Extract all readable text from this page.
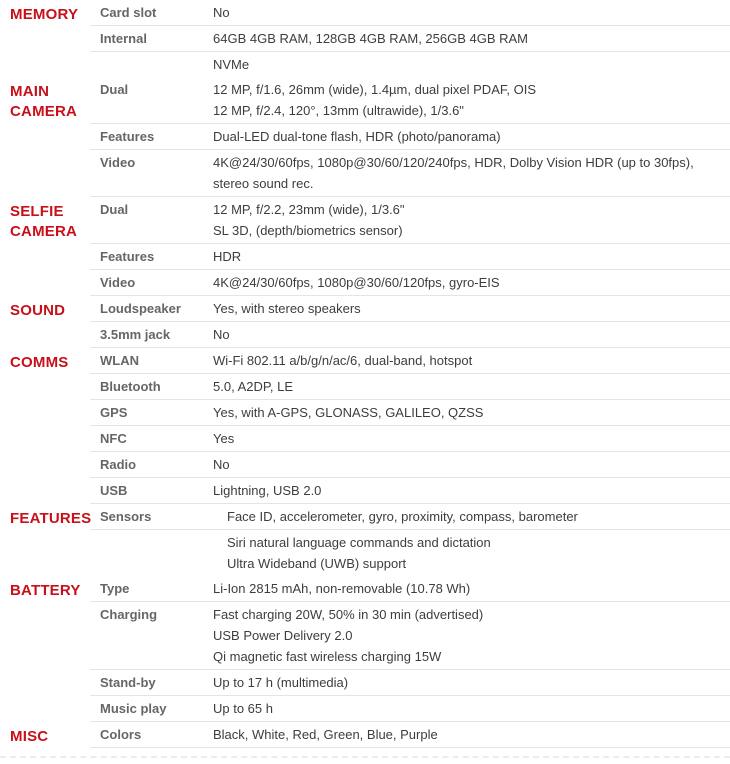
MEMORY	Card slot	No
Internal	64GB 4GB RAM, 128GB 4GB RAM, 256GB 4GB RAM
NVMe
MAIN CAMERA
Dual	12 MP, f/1.6, 26mm (wide), 1.4µm, dual pixel PDAF, OIS
12 MP, f/2.4, 120°, 13mm (ultrawide), 1/3.6"
Features	Dual-LED dual-tone flash, HDR (photo/panorama)
Video	4K@24/30/60fps, 1080p@30/60/120/240fps, HDR, Dolby Vision HDR (up to 30fps), stereo sound rec.
SELFIE CAMERA
Dual	12 MP, f/2.2, 23mm (wide), 1/3.6"
SL 3D, (depth/biometrics sensor)
Features	HDR
Video	4K@24/30/60fps, 1080p@30/60/120fps, gyro-EIS
SOUND	Loudspeaker	Yes, with stereo speakers
3.5mm jack	No
COMMS	WLAN	Wi-Fi 802.11 a/b/g/n/ac/6, dual-band, hotspot
Bluetooth	5.0, A2DP, LE
GPS	Yes, with A-GPS, GLONASS, GALILEO, QZSS
NFC	Yes
Radio	No
USB	Lightning, USB 2.0
FEATURES Sensors	Face ID, accelerometer, gyro, proximity, compass, barometer
Siri natural language commands and dictation
Ultra Wideband (UWB) support
BATTERY	Type	Li-Ion 2815 mAh, non-removable (10.78 Wh)
Charging	Fast charging 20W, 50% in 30 min (advertised)
USB Power Delivery 2.0
Qi magnetic fast wireless charging 15W
Stand-by	Up to 17 h (multimedia)
Music play	Up to 65 h
MISC	Colors	Black, White, Red, Green, Blue, Purple
